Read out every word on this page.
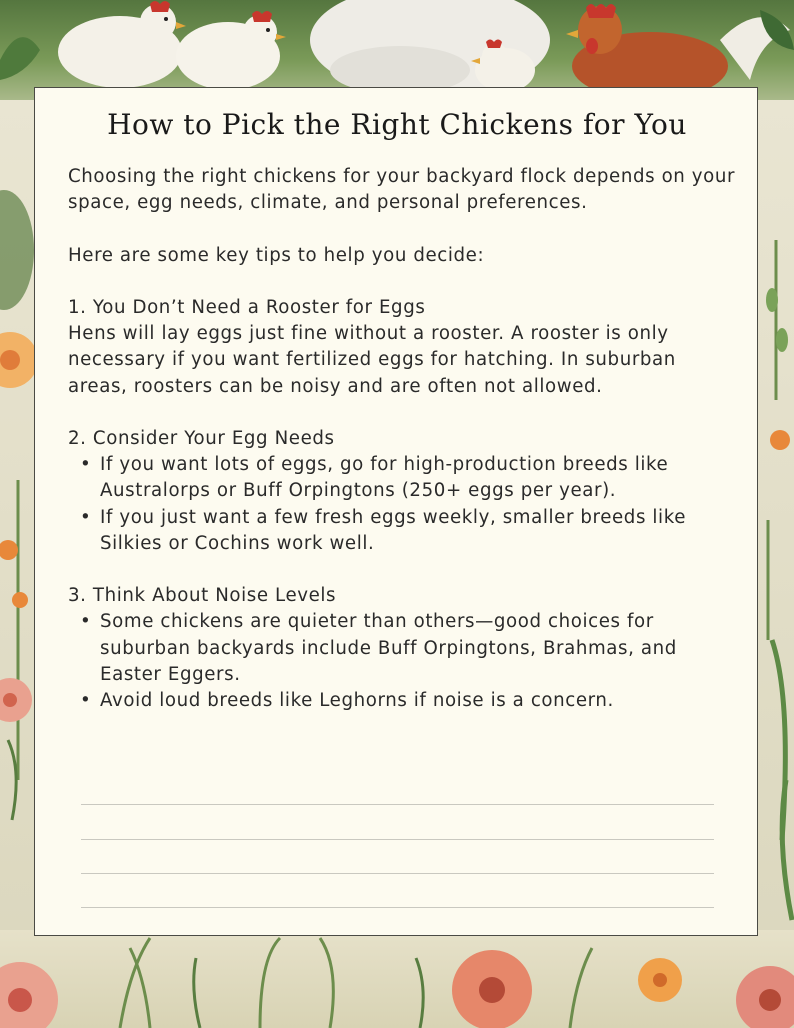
How to Pick the Right Chickens for You

Choosing the right chickens for your backyard flock depends on your space, egg needs, climate, and personal preferences.

Here are some key tips to help you decide:

1. You Don’t Need a Rooster for Eggs

Hens will lay eggs just fine without a rooster. A rooster is only necessary if you want fertilized eggs for hatching. In suburban areas, roosters can be noisy and are often not allowed.

2. Consider Your Egg Needs

• If you want lots of eggs, go for high-production breeds like Australorps or Buff Orpingtons (250+ eggs per year).
• If you just want a few fresh eggs weekly, smaller breeds like Silkies or Cochins work well.

3. Think About Noise Levels

• Some chickens are quieter than others—good choices for suburban backyards include Buff Orpingtons, Brahmas, and Easter Eggers.
• Avoid loud breeds like Leghorns if noise is a concern.
